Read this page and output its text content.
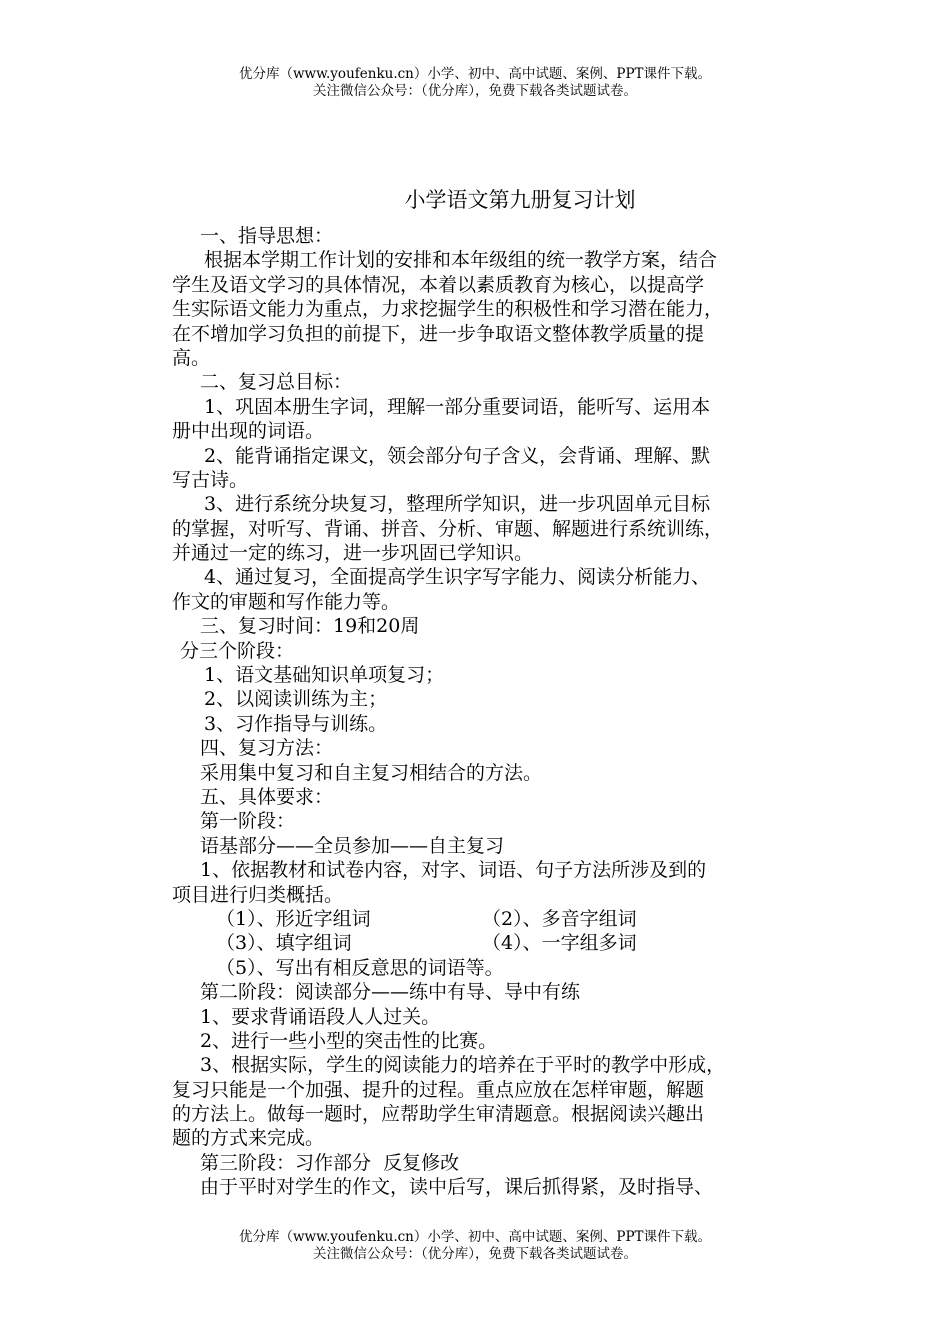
优分库（www.youfenku.cn）小学、初中、高中试题、案例、PPT课件下载。
关注微信公众号：（优分库），免费下载各类试题试卷。
小学语文第九册复习计划
一、指导思想：
根据本学期工作计划的安排和本年级组的统一教学方案，结合
学生及语文学习的具体情况，本着以素质教育为核心，以提高学
生实际语文能力为重点，力求挖掘学生的积极性和学习潜在能力，
在不增加学习负担的前提下，进一步争取语文整体教学质量的提
高。
二、复习总目标：
1、巩固本册生字词，理解一部分重要词语，能听写、运用本
册中出现的词语。
2、能背诵指定课文，领会部分句子含义，会背诵、理解、默
写古诗。
3、进行系统分块复习，整理所学知识，进一步巩固单元目标
的掌握，对听写、背诵、拼音、分析、审题、解题进行系统训练，
并通过一定的练习，进一步巩固已学知识。
4、通过复习，全面提高学生识字写字能力、阅读分析能力、
作文的审题和写作能力等。
三、复习时间：19和20周
分三个阶段：
1、语文基础知识单项复习；
2、以阅读训练为主；
3、习作指导与训练。
四、复习方法：
采用集中复习和自主复习相结合的方法。
五、具体要求：
第一阶段：
语基部分——全员参加——自主复习
1、依据教材和试卷内容，对字、词语、句子方法所涉及到的
项目进行归类概括。
（1）、形近字组词	（2）、多音字组词
（3）、填字组词	（4）、一字组多词
（5）、写出有相反意思的词语等。
第二阶段：阅读部分——练中有导、导中有练
1、要求背诵语段人人过关。
2、进行一些小型的突击性的比赛。
3、根据实际，学生的阅读能力的培养在于平时的教学中形成，
复习只能是一个加强、提升的过程。重点应放在怎样审题，解题
的方法上。做每一题时，应帮助学生审清题意。根据阅读兴趣出
题的方式来完成。
第三阶段：习作部分  反复修改
由于平时对学生的作文，读中后写，课后抓得紧，及时指导、
优分库（www.youfenku.cn）小学、初中、高中试题、案例、PPT课件下载。
关注微信公众号：（优分库），免费下载各类试题试卷。
